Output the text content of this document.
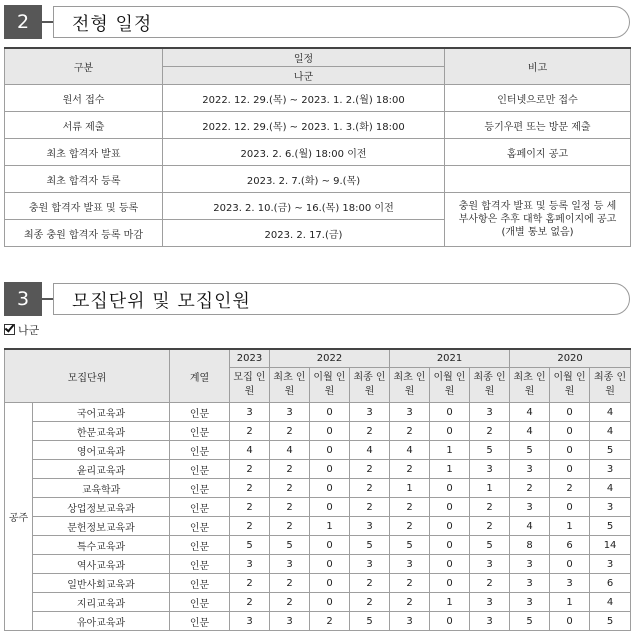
2	전형 일정
구분	일정	비고
	나군	
원서 접수	2022. 12. 29.(목) ~ 2023. 1. 2.(월) 18:00	인터넷으로만 접수
서류 제출	2022. 12. 29.(목) ~ 2023. 1. 3.(화) 18:00	등기우편 또는 방문 제출
최초 합격자 발표	2023. 2. 6.(월) 18:00 이전	홈페이지 공고
최초 합격자 등록	2023. 2. 7.(화) ~ 9.(목)	
충원 합격자 발표 및 등록	2023. 2. 10.(금) ~ 16.(목) 18:00 이전	충원 합격자 발표 및 등록 일정 등 세부사항은 추후 대학 홈페이지에 공고(개별 통보 없음)
최종 충원 합격자 등록 마감	2023. 2. 17.(금)	
3	모집단위 및 모집인원
나군
모집단위		계열	2023	2022			2021			2020		
			모집 인원	최초 인원	이월 인원	최종 인원	최초 인원	이월 인원	최종 인원	최초 인원	이월 인원	최종 인원
공주	국어교육과	인문	3	3	0	3	3	0	3	4	0	4
	한문교육과	인문	2	2	0	2	2	0	2	4	0	4
	영어교육과	인문	4	4	0	4	4	1	5	5	0	5
	윤리교육과	인문	2	2	0	2	2	1	3	3	0	3
	교육학과	인문	2	2	0	2	1	0	1	2	2	4
	상업정보교육과	인문	2	2	0	2	2	0	2	3	0	3
	문헌정보교육과	인문	2	2	1	3	2	0	2	4	1	5
	특수교육과	인문	5	5	0	5	5	0	5	8	6	14
	역사교육과	인문	3	3	0	3	3	0	3	3	0	3
	일반사회교육과	인문	2	2	0	2	2	0	2	3	3	6
	지리교육과	인문	2	2	0	2	2	1	3	3	1	4
	유아교육과	인문	3	3	2	5	3	0	3	5	0	5
